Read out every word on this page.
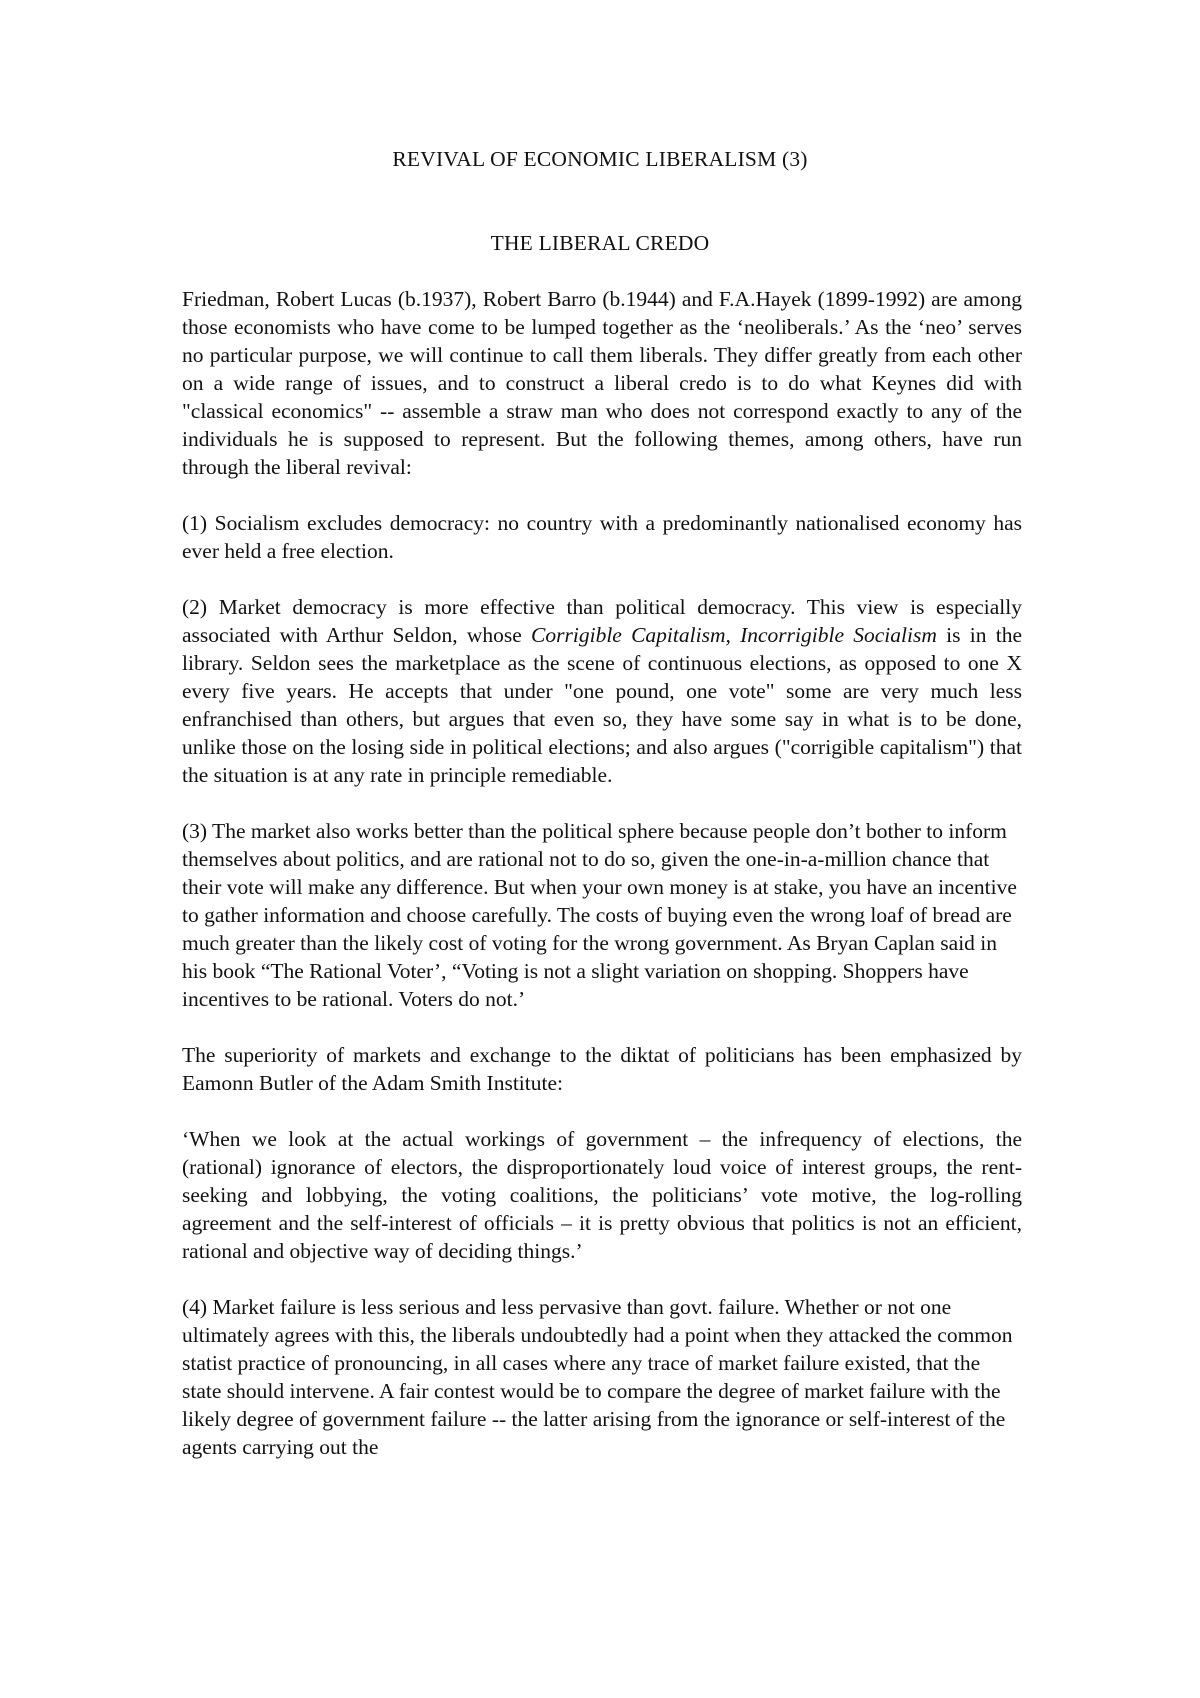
REVIVAL OF ECONOMIC LIBERALISM (3)
THE LIBERAL CREDO

Friedman, Robert Lucas (b.1937), Robert Barro (b.1944) and F.A.Hayek (1899-1992) are among those economists who have come to be lumped together as the ‘neoliberals.’ As the ‘neo’ serves no particular purpose, we will continue to call them liberals. They differ greatly from each other on a wide range of issues, and to construct a liberal credo is to do what Keynes did with "classical economics" -- assemble a straw man who does not correspond exactly to any of the individuals he is supposed to represent. But the following themes, among others, have run through the liberal revival:

(1) Socialism excludes democracy: no country with a predominantly nationalised economy has ever held a free election.

(2) Market democracy is more effective than political democracy. This view is especially associated with Arthur Seldon, whose Corrigible Capitalism, Incorrigible Socialism is in the library. Seldon sees the marketplace as the scene of continuous elections, as opposed to one X every five years. He accepts that under "one pound, one vote" some are very much less enfranchised than others, but argues that even so, they have some say in what is to be done, unlike those on the losing side in political elections; and also argues ("corrigible capitalism") that the situation is at any rate in principle remediable.

(3) The market also works better than the political sphere because people don’t bother to inform themselves about politics, and are rational not to do so, given the one-in-a-million chance that their vote will make any difference. But when your own money is at stake, you have an incentive to gather information and choose carefully. The costs of buying even the wrong loaf of bread are much greater than the likely cost of voting for the wrong government. As Bryan Caplan said in his book “The Rational Voter’, “Voting is not a slight variation on shopping. Shoppers have incentives to be rational. Voters do not.’

The superiority of markets and exchange to the diktat of politicians has been emphasized by Eamonn Butler of the Adam Smith Institute:

‘When we look at the actual workings of government – the infrequency of elections, the (rational) ignorance of electors, the disproportionately loud voice of interest groups, the rent-seeking and lobbying, the voting coalitions, the politicians’ vote motive, the log-rolling agreement and the self-interest of officials – it is pretty obvious that politics is not an efficient, rational and objective way of deciding things.’

(4) Market failure is less serious and less pervasive than govt. failure. Whether or not one ultimately agrees with this, the liberals undoubtedly had a point when they attacked the common statist practice of pronouncing, in all cases where any trace of market failure existed, that the state should intervene. A fair contest would be to compare the degree of market failure with the likely degree of government failure -- the latter arising from the ignorance or self-interest of the agents carrying out the
